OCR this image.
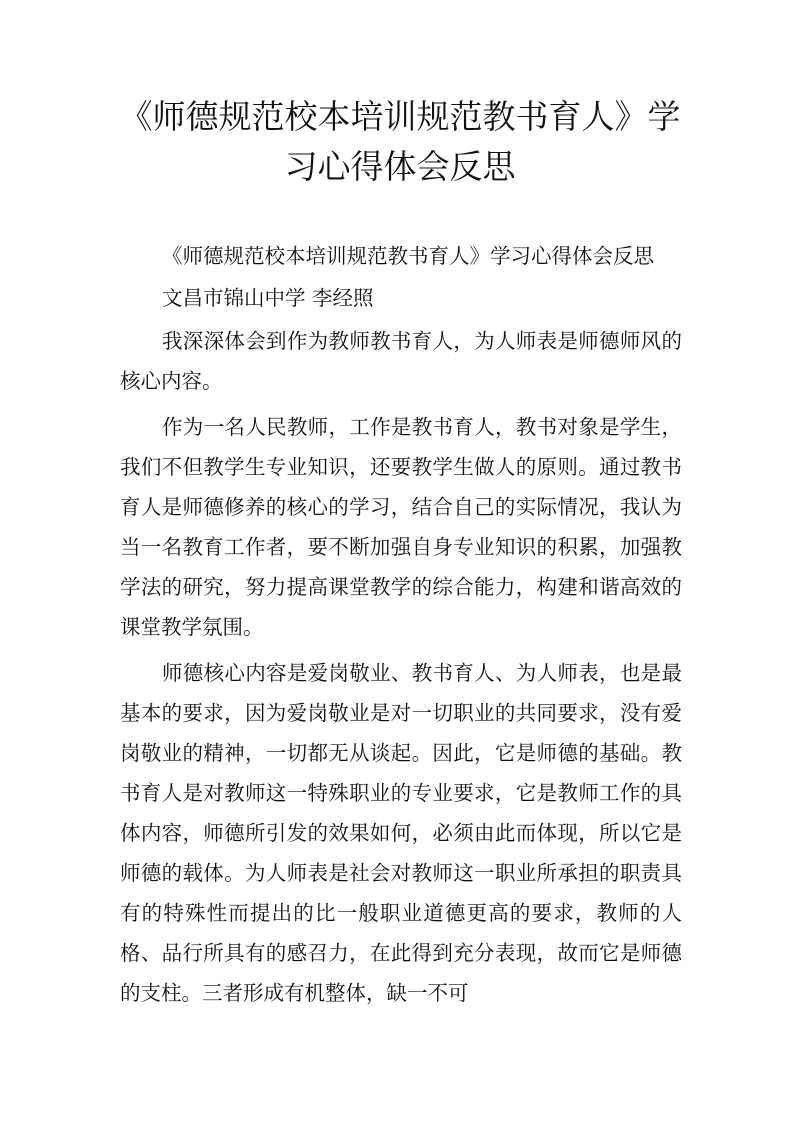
《师德规范校本培训规范教书育人》学
习心得体会反思

《师德规范校本培训规范教书育人》学习心得体会反思

文昌市锦山中学 李经照

我深深体会到作为教师教书育人，为人师表是师德师风的核心内容。

作为一名人民教师，工作是教书育人，教书对象是学生，我们不但教学生专业知识，还要教学生做人的原则。通过教书育人是师德修养的核心的学习，结合自己的实际情况，我认为当一名教育工作者，要不断加强自身专业知识的积累，加强教学法的研究，努力提高课堂教学的综合能力，构建和谐高效的课堂教学氛围。

师德核心内容是爱岗敬业、教书育人、为人师表，也是最基本的要求，因为爱岗敬业是对一切职业的共同要求，没有爱岗敬业的精神，一切都无从谈起。因此，它是师德的基础。教书育人是对教师这一特殊职业的专业要求，它是教师工作的具体内容，师德所引发的效果如何，必须由此而体现，所以它是师德的载体。为人师表是社会对教师这一职业所承担的职责具有的特殊性而提出的比一般职业道德更高的要求，教师的人格、品行所具有的感召力，在此得到充分表现，故而它是师德的支柱。三者形成有机整体，缺一不可
